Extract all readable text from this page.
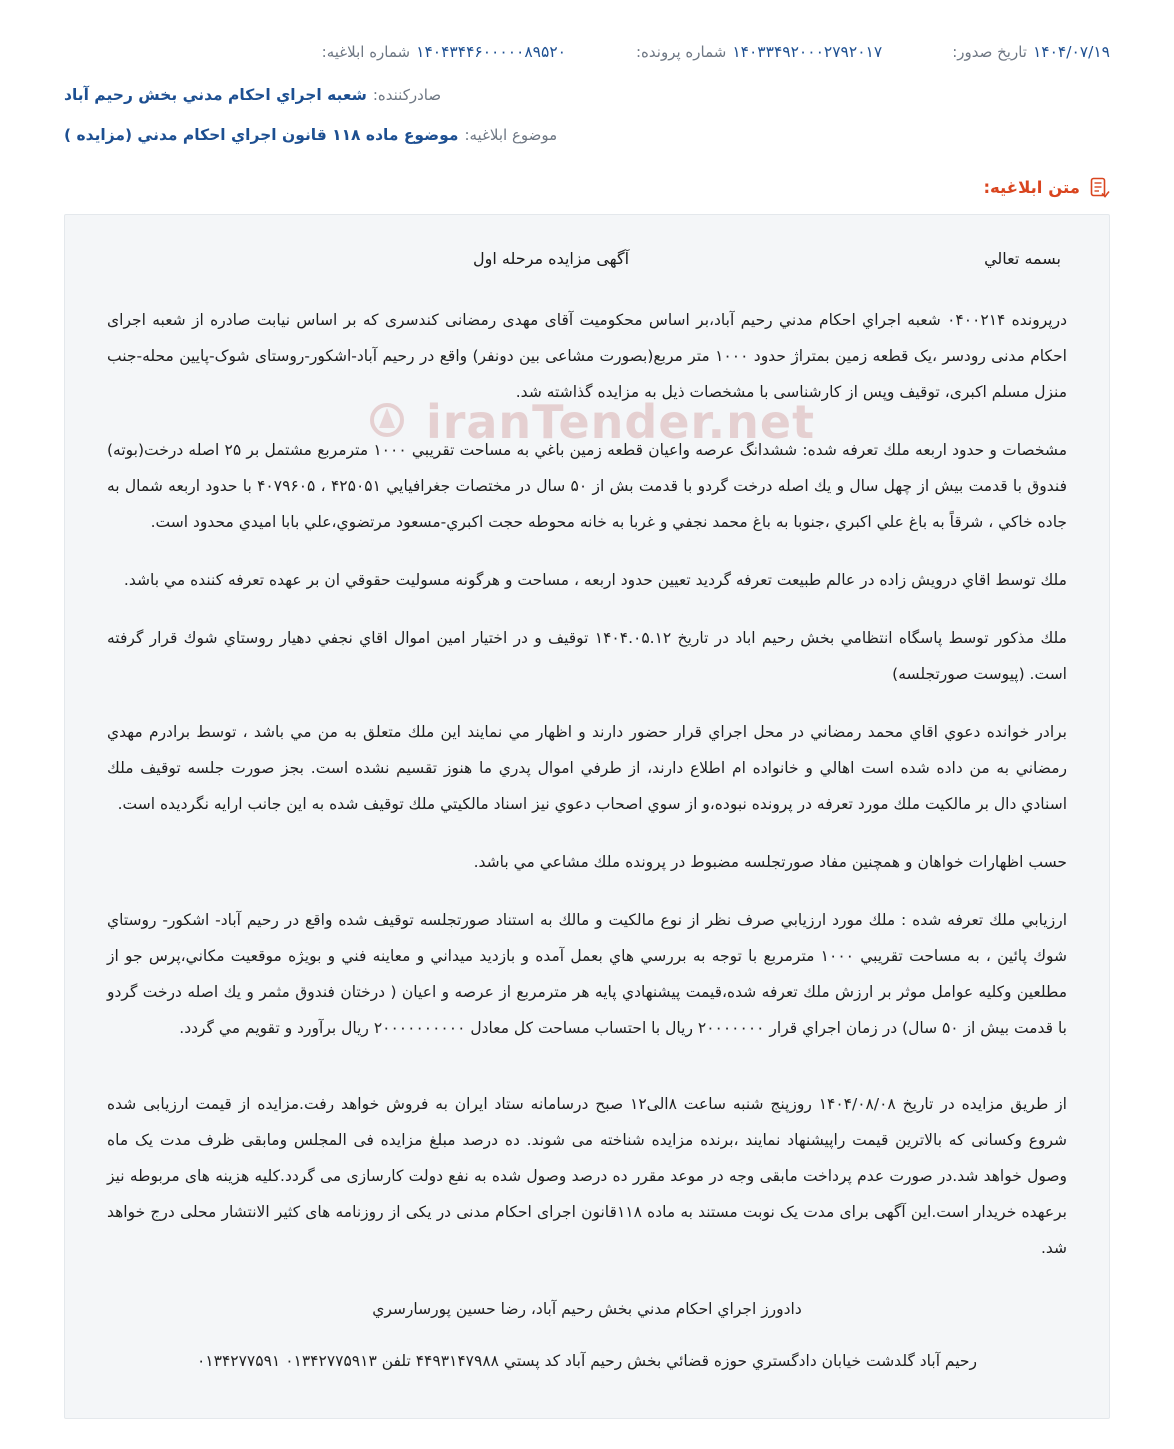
۱۴۰۴/۰۷/۱۹
تاریخ صدور:
۱۴۰۳۳۴۹۲۰۰۰۲۷۹۲۰۱۷
شماره پرونده:
۱۴۰۴۳۴۴۶۰۰۰۰۰۸۹۵۲۰
شماره ابلاغیه:
صادرکننده:
شعبه اجراي احکام مدني بخش رحیم آباد
موضوع ابلاغیه:
موضوع ماده ۱۱۸ قانون اجراي احکام مدني (مزایده )
متن ابلاغیه:
iranTender.net
بسمه تعالي
آگهی مزایده مرحله اول

درپرونده ۰۴۰۰۲۱۴ شعبه اجراي احکام مدني رحیم آباد،بر اساس محکومیت آقای مهدی رمضانی کندسری که بر اساس نیابت صادره از شعبه اجرای احکام مدنی رودسر ،یک قطعه زمین بمتراژ حدود ۱۰۰۰ متر مربع(بصورت مشاعی بین دونفر) واقع در رحیم آباد-اشکور-روستای شوک-پایین محله-جنب منزل مسلم اکبری، توقیف وپس از کارشناسی با مشخصات ذیل به مزایده گذاشته شد.

مشخصات و حدود اربعه ملك تعرفه شده: ششدانگ عرصه واعیان قطعه زمین باغي به مساحت تقریبي ۱۰۰۰ مترمربع مشتمل بر ۲۵ اصله درخت(بوته) فندوق با قدمت بیش از چهل سال و یك اصله درخت گردو با قدمت بش از ۵۰ سال در مختصات جغرافیایي ۴۲۵۰۵۱ ، ۴۰۷۹۶۰۵ با حدود اربعه شمال به جاده خاكي ، شرقاً به باغ علي اكبري ،جنوبا به باغ محمد نجفي و غربا به خانه محوطه حجت اكبري-مسعود مرتضوي،علي بابا امیدي محدود است.

ملك توسط اقاي درویش زاده در عالم طبیعت تعرفه گردید تعیین حدود اربعه ، مساحت و هرگونه مسولیت حقوقي ان بر عهده تعرفه کننده مي باشد.

ملك مذکور توسط پاسگاه انتظامي بخش رحیم اباد در تاریخ ۱۴۰۴.۰۵.۱۲ توقیف و در اختیار امین اموال اقاي نجفي دهیار روستاي شوك قرار گرفته است. (پیوست صورتجلسه)

برادر خوانده دعوي اقاي محمد رمضاني در محل اجراي قرار حضور دارند و اظهار مي نمایند این ملك متعلق به من مي باشد ، توسط برادرم مهدي رمضاني به من داده شده است اهالي و خانواده ام اطلاع دارند، از طرفي اموال پدري ما هنوز تقسیم نشده است. بجز صورت جلسه توقیف ملك اسنادي دال بر مالکیت ملك مورد تعرفه در پرونده نبوده،و از سوي اصحاب دعوي نیز اسناد مالکیتي ملك توقیف شده به این جانب ارایه نگردیده است.

حسب اظهارات خواهان و همچنین مفاد صورتجلسه مضبوط در پرونده ملك مشاعي مي باشد.

ارزیابي ملك تعرفه شده : ملك مورد ارزیابي صرف نظر از نوع مالکیت و مالك به استناد صورتجلسه توقیف شده واقع در رحیم آباد- اشکور- روستاي شوك پائین ، به مساحت تقریبي ۱۰۰۰ مترمربع با توجه به بررسي هاي بعمل آمده و بازدید میداني و معاینه فني و بویژه موقعیت مکاني،پرس جو از مطلعین وکلیه عوامل موثر بر ارزش ملك تعرفه شده،قیمت پیشنهادي پایه هر مترمربع از عرصه و اعیان ( درختان فندوق مثمر و یك اصله درخت گردو با قدمت بیش از ۵۰ سال) در زمان اجراي قرار ۲۰۰۰۰۰۰۰ ریال با احتساب مساحت کل معادل ۲۰۰۰۰۰۰۰۰۰۰ ریال برآورد و تقویم مي گردد.

از طریق مزایده در تاریخ ۱۴۰۴/۰۸/۰۸ روزپنج شنبه ساعت ۸الی۱۲ صبح درسامانه ستاد ایران به فروش خواهد رفت.مزایده از قیمت ارزیابی شده شروع وکسانی که بالاترین قیمت راپیشنهاد نمایند ،برنده مزایده شناخته می شوند. ده درصد مبلغ مزایده فی المجلس ومابقی ظرف مدت یک ماه وصول خواهد شد.در صورت عدم پرداخت مابقی وجه در موعد مقرر ده درصد وصول شده به نفع دولت کارسازی می گردد.کلیه هزینه های مربوطه نیز برعهده خریدار است.این آگهی برای مدت یک نوبت مستند به ماده ۱۱۸قانون اجرای احکام مدنی در یکی از روزنامه های کثیر الانتشار محلی درج خواهد شد.

دادورز اجراي احکام مدني بخش رحیم آباد، رضا حسین پورسارسري

رحیم آباد گلدشت خیابان دادگستري حوزه قضائي بخش رحیم آباد کد پستي ۴۴۹۳۱۴۷۹۸۸ تلفن ۰۱۳۴۲۷۷۵۹۱۳ ۰۱۳۴۲۷۷۵۹۱
